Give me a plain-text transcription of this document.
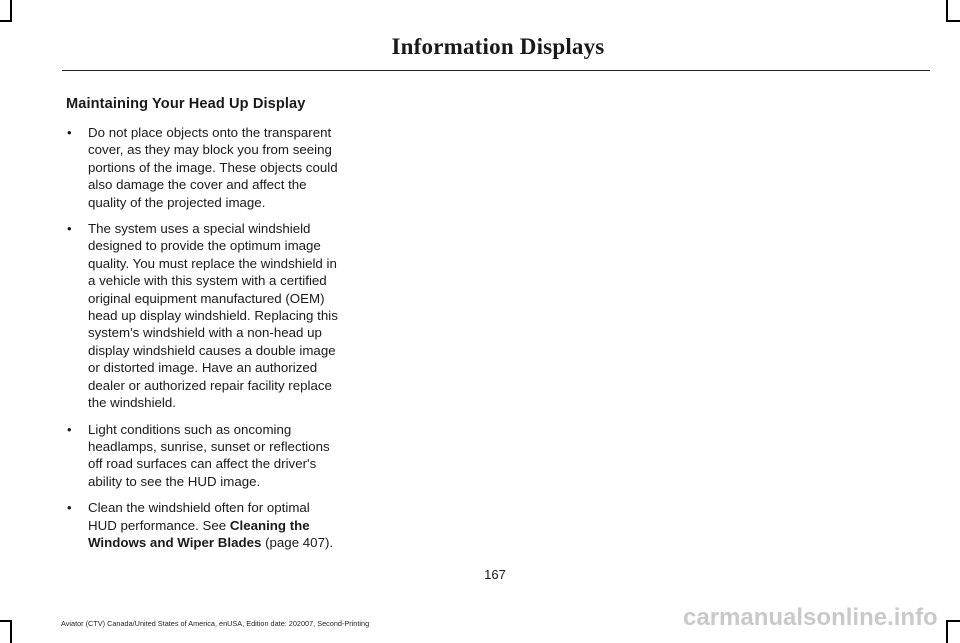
Information Displays
Maintaining Your Head Up Display
• Do not place objects onto the transparent cover, as they may block you from seeing portions of the image. These objects could also damage the cover and affect the quality of the projected image.
• The system uses a special windshield designed to provide the optimum image quality. You must replace the windshield in a vehicle with this system with a certified original equipment manufactured (OEM) head up display windshield. Replacing this system's windshield with a non-head up display windshield causes a double image or distorted image. Have an authorized dealer or authorized repair facility replace the windshield.
• Light conditions such as oncoming headlamps, sunrise, sunset or reflections off road surfaces can affect the driver's ability to see the HUD image.
• Clean the windshield often for optimal HUD performance. See Cleaning the Windows and Wiper Blades (page 407).
167
Aviator (CTV) Canada/United States of America, enUSA, Edition date: 202007, Second-Printing	carmanualsonline.info
